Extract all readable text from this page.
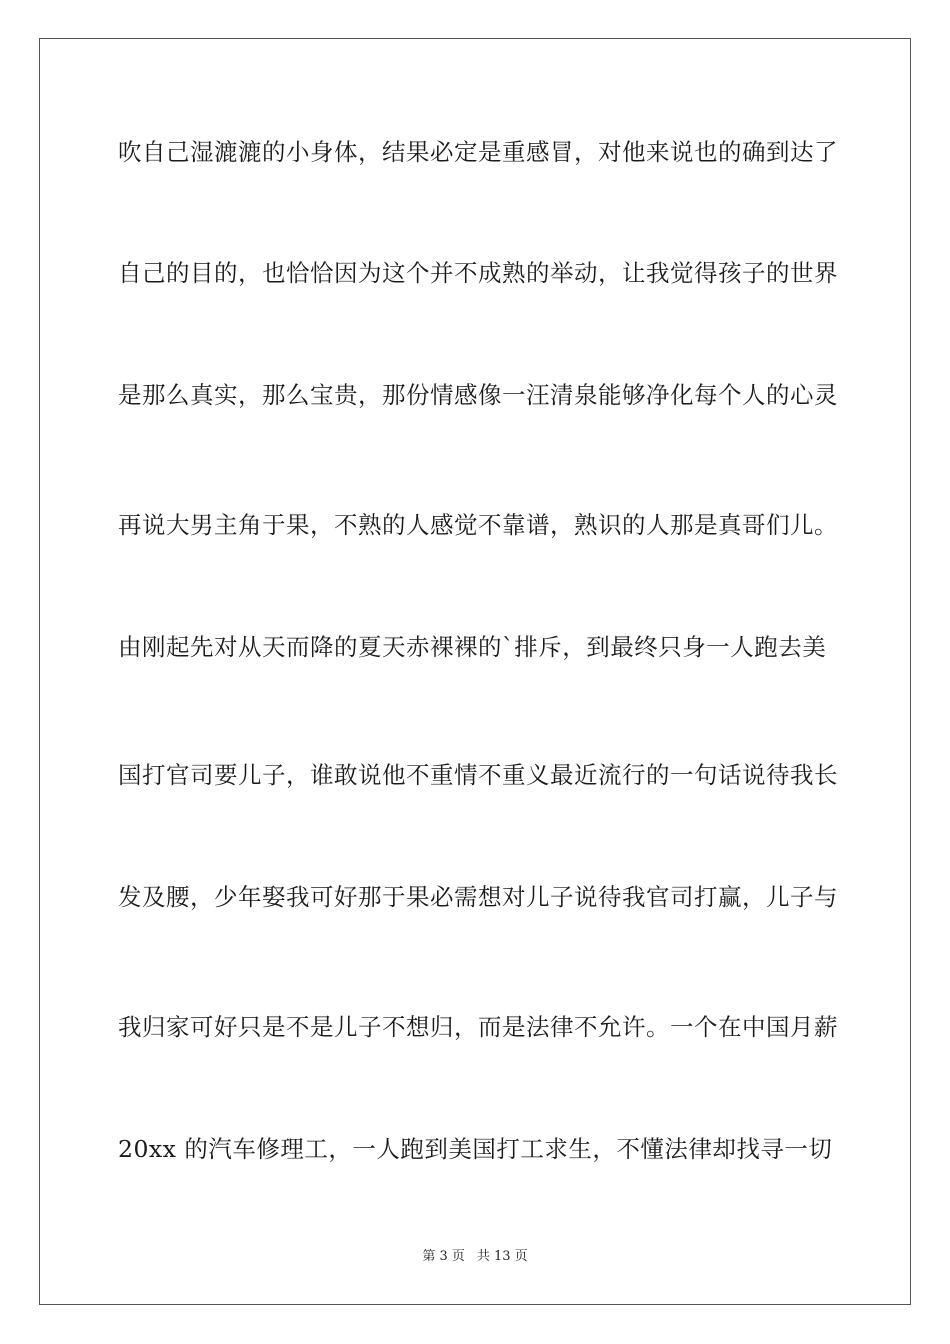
吹自己湿漉漉的小身体，结果必定是重感冒，对他来说也的确到达了
自己的目的，也恰恰因为这个并不成熟的举动，让我觉得孩子的世界
是那么真实，那么宝贵，那份情感像一汪清泉能够净化每个人的心灵
再说大男主角于果，不熟的人感觉不靠谱，熟识的人那是真哥们儿。
由刚起先对从天而降的夏天赤裸裸的`排斥，到最终只身一人跑去美
国打官司要儿子，谁敢说他不重情不重义最近流行的一句话说待我长
发及腰，少年娶我可好那于果必需想对儿子说待我官司打赢，儿子与
我归家可好只是不是儿子不想归，而是法律不允许。一个在中国月薪
20xx 的汽车修理工，一人跑到美国打工求生，不懂法律却找寻一切
第 3 页 共 13 页
